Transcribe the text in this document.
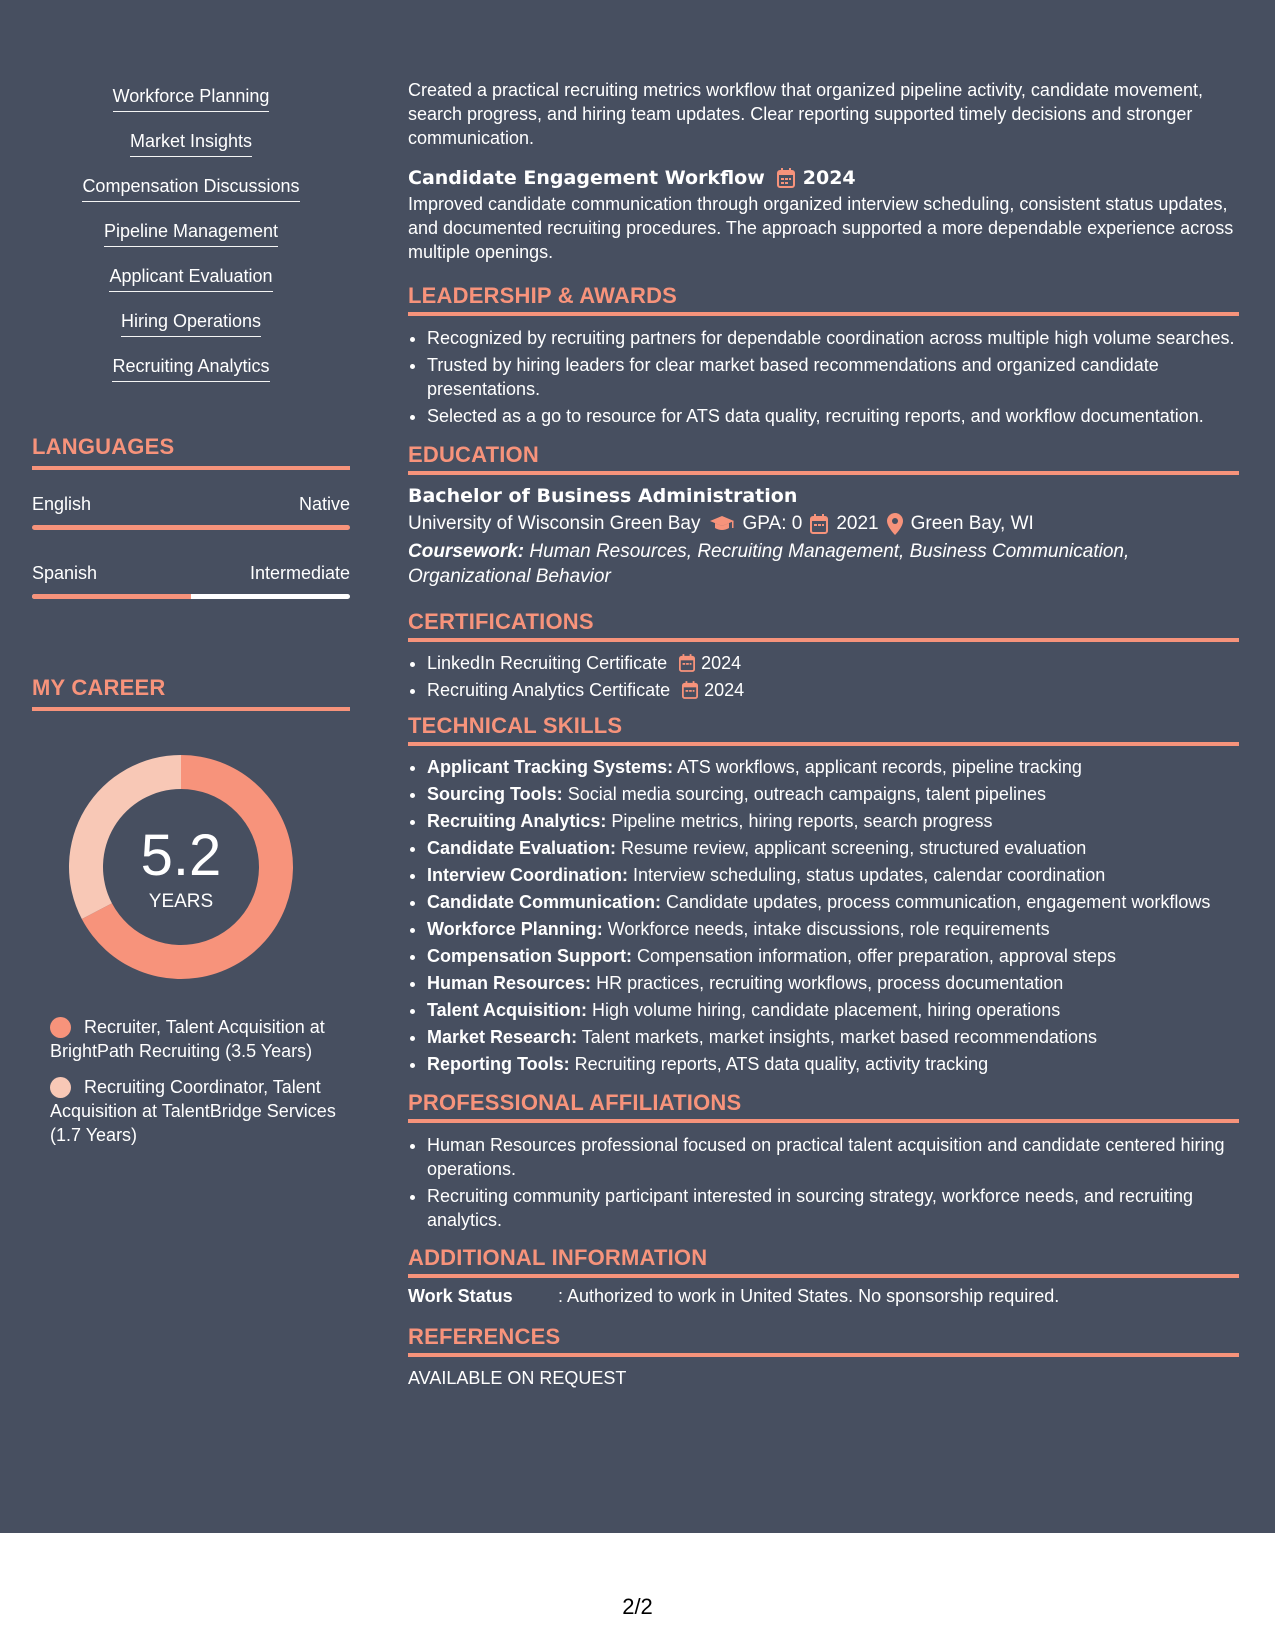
Workforce Planning
Market Insights
Compensation Discussions
Pipeline Management
Applicant Evaluation
Hiring Operations
Recruiting Analytics
LANGUAGES
English	Native
Spanish	Intermediate
MY CAREER
5.2
YEARS
Recruiter, Talent Acquisition at BrightPath Recruiting (3.5 Years)
Recruiting Coordinator, Talent Acquisition at TalentBridge Services (1.7 Years)
Created a practical recruiting metrics workflow that organized pipeline activity, candidate movement, search progress, and hiring team updates. Clear reporting supported timely decisions and stronger communication.
Candidate Engagement Workflow 2024
Improved candidate communication through organized interview scheduling, consistent status updates, and documented recruiting procedures. The approach supported a more dependable experience across multiple openings.
LEADERSHIP & AWARDS
• Recognized by recruiting partners for dependable coordination across multiple high volume searches.
• Trusted by hiring leaders for clear market based recommendations and organized candidate presentations.
• Selected as a go to resource for ATS data quality, recruiting reports, and workflow documentation.
EDUCATION
Bachelor of Business Administration
University of Wisconsin Green Bay GPA: 0 2021 Green Bay, WI
Coursework: Human Resources, Recruiting Management, Business Communication, Organizational Behavior
CERTIFICATIONS
• LinkedIn Recruiting Certificate 2024
• Recruiting Analytics Certificate 2024
TECHNICAL SKILLS
• Applicant Tracking Systems: ATS workflows, applicant records, pipeline tracking
• Sourcing Tools: Social media sourcing, outreach campaigns, talent pipelines
• Recruiting Analytics: Pipeline metrics, hiring reports, search progress
• Candidate Evaluation: Resume review, applicant screening, structured evaluation
• Interview Coordination: Interview scheduling, status updates, calendar coordination
• Candidate Communication: Candidate updates, process communication, engagement workflows
• Workforce Planning: Workforce needs, intake discussions, role requirements
• Compensation Support: Compensation information, offer preparation, approval steps
• Human Resources: HR practices, recruiting workflows, process documentation
• Talent Acquisition: High volume hiring, candidate placement, hiring operations
• Market Research: Talent markets, market insights, market based recommendations
• Reporting Tools: Recruiting reports, ATS data quality, activity tracking
PROFESSIONAL AFFILIATIONS
• Human Resources professional focused on practical talent acquisition and candidate centered hiring operations.
• Recruiting community participant interested in sourcing strategy, workforce needs, and recruiting analytics.
ADDITIONAL INFORMATION
Work Status	: Authorized to work in United States. No sponsorship required.
REFERENCES
AVAILABLE ON REQUEST
2/2
